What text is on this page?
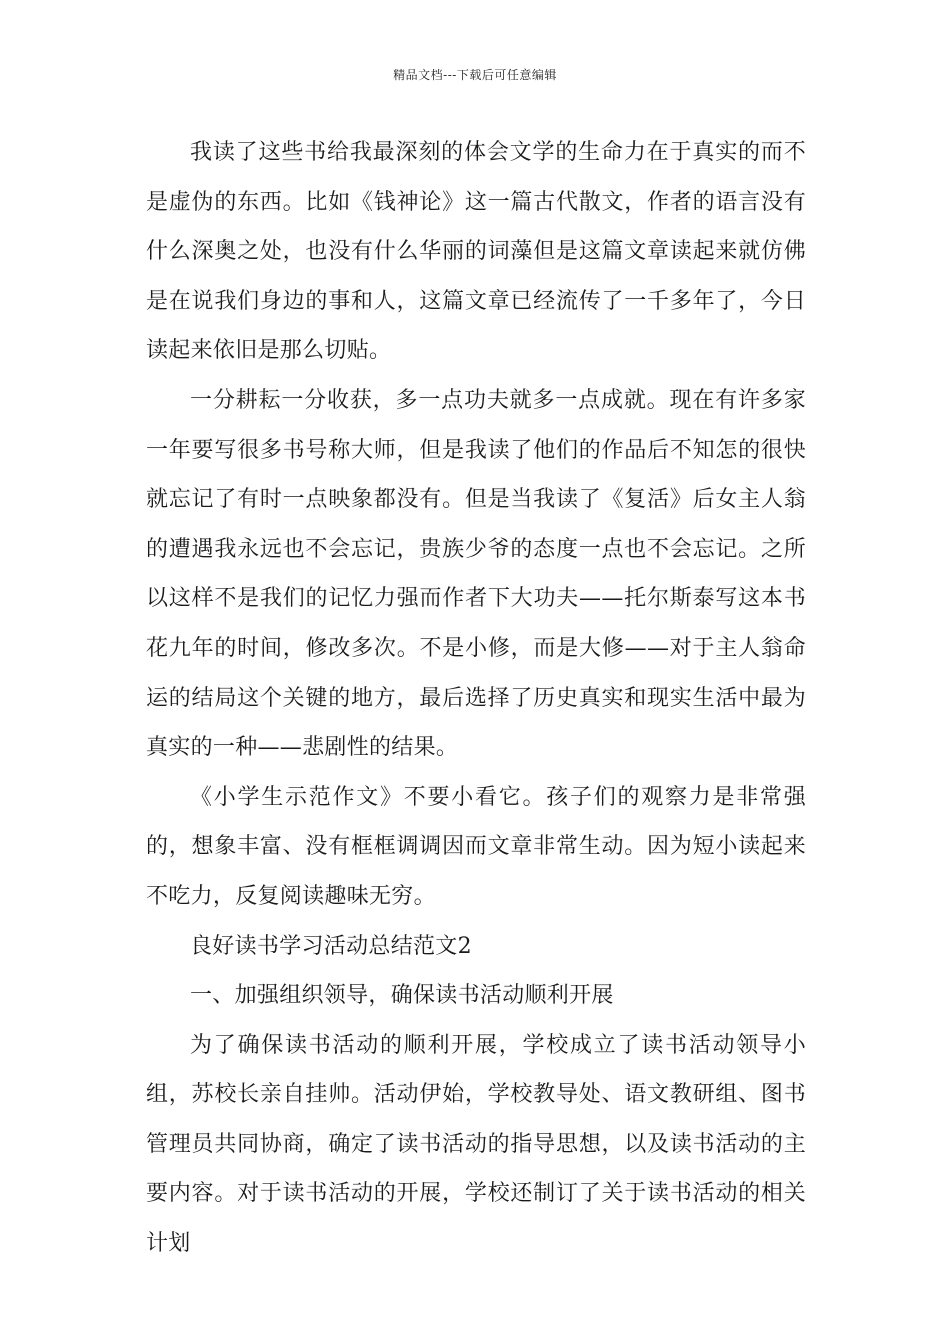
精品文档---下载后可任意编辑

我读了这些书给我最深刻的体会文学的生命力在于真实的而不是虚伪的东西。比如《钱神论》这一篇古代散文，作者的语言没有什么深奥之处，也没有什么华丽的词藻但是这篇文章读起来就仿佛是在说我们身边的事和人，这篇文章已经流传了一千多年了，今日读起来依旧是那么切贴。

一分耕耘一分收获，多一点功夫就多一点成就。现在有许多家一年要写很多书号称大师，但是我读了他们的作品后不知怎的很快就忘记了有时一点映象都没有。但是当我读了《复活》后女主人翁的遭遇我永远也不会忘记，贵族少爷的态度一点也不会忘记。之所以这样不是我们的记忆力强而作者下大功夫——托尔斯泰写这本书花九年的时间，修改多次。不是小修，而是大修——对于主人翁命运的结局这个关键的地方，最后选择了历史真实和现实生活中最为真实的一种——悲剧性的结果。

《小学生示范作文》不要小看它。孩子们的观察力是非常强的，想象丰富、没有框框调调因而文章非常生动。因为短小读起来不吃力，反复阅读趣味无穷。

良好读书学习活动总结范文2

一、加强组织领导，确保读书活动顺利开展

为了确保读书活动的顺利开展，学校成立了读书活动领导小组，苏校长亲自挂帅。活动伊始，学校教导处、语文教研组、图书管理员共同协商，确定了读书活动的指导思想，以及读书活动的主要内容。对于读书活动的开展，学校还制订了关于读书活动的相关计划
